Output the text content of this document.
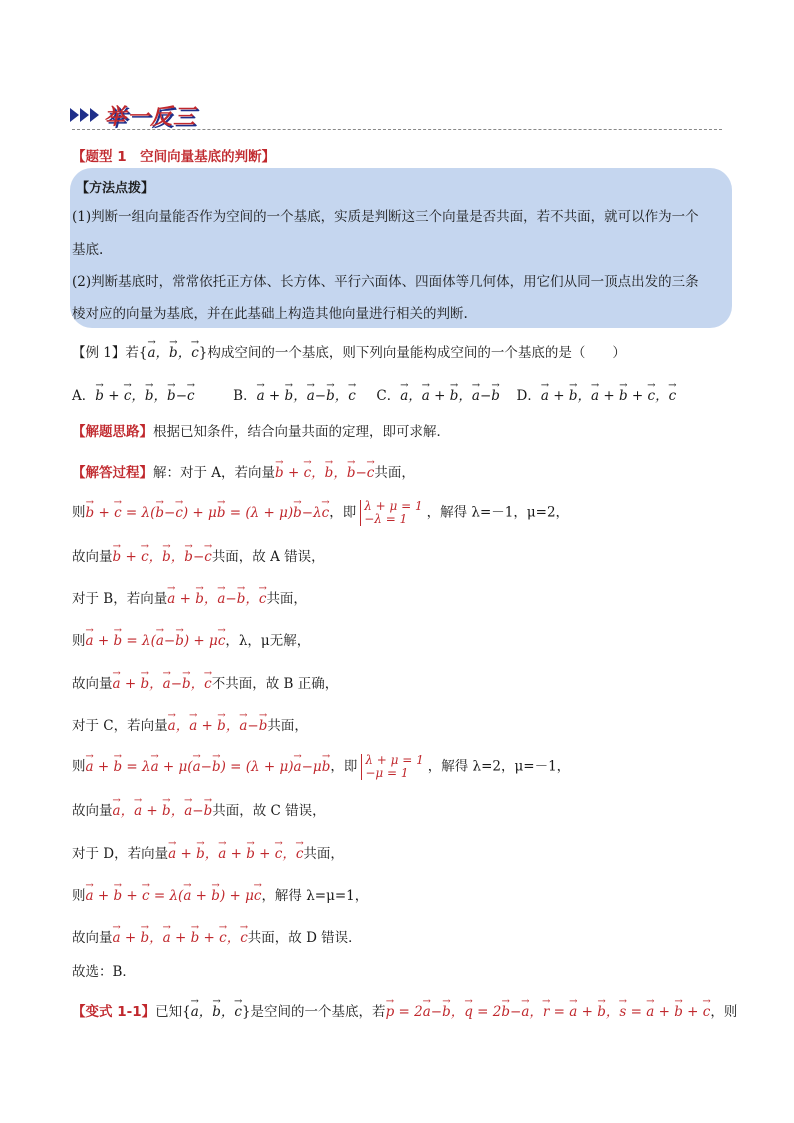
举一反三
【题型 1　空间向量基底的判断】
【方法点拨】
(1)判断一组向量能否作为空间的一个基底，实质是判断这三个向量是否共面，若不共面，就可以作为一个
基底.
(2)判断基底时，常常依托正方体、长方体、平行六面体、四面体等几何体，用它们从同一顶点出发的三条
棱对应的向量为基底，并在此基础上构造其他向量进行相关的判断.
【例 1】若{→ a，→ b，→ c}构成空间的一个基底，则下列向量能构成空间的一个基底的是（　　）
A．→ b + → c，→ b，→ b−→ c	B．→ a + → b，→ a−→ b，→ c C．→ a，→ a + → b，→ a−→ b D．→ a + → b，→ a + → b + → c，→ c
【解题思路】根据已知条件，结合向量共面的定理，即可求解．
【解答过程】解：对于 A，若向量→ b + → c，→ b，→ b−→ c共面，
则→ b + → c = λ(→ b−→ c) + μ→ b = (λ + μ)→ b−λ→ c，即 λ + μ = 1
−λ = 1	，解得 λ=－1，μ=2，
故向量→ b + → c，→ b，→ b−→ c共面，故 A 错误，
对于 B，若向量→ a + → b，→ a−→ b，→ c共面，
则→ a + → b = λ(→ a−→ b) + μ→ c，λ，μ无解，
故向量→ a + → b，→ a−→ b，→ c不共面，故 B 正确，
对于 C，若向量→ a，→ a + → b，→ a−→ b共面，
则→ a + → b = λ→ a + μ(→ a−→ b) = (λ + μ)→ a−μ→ b，即 λ + μ = 1
−μ = 1	，解得 λ=2，μ=－1，
故向量→ a，→ a + → b，→ a−→ b共面，故 C 错误，
对于 D，若向量→ a + → b，→ a + → b + → c，→ c共面，
则→ a + → b + → c = λ(→ a + → b) + μ→ c，解得 λ=μ=1，
故向量→ a + → b，→ a + → b + → c，→ c共面，故 D 错误．
故选：B．
【变式 1-1】已知{→ a，→ b，→ c}是空间的一个基底，若→ p = 2→ a−→ b，→ q = 2→ b−→ a，→ r = → a + → b，→ s = → a + → b + → c，则
